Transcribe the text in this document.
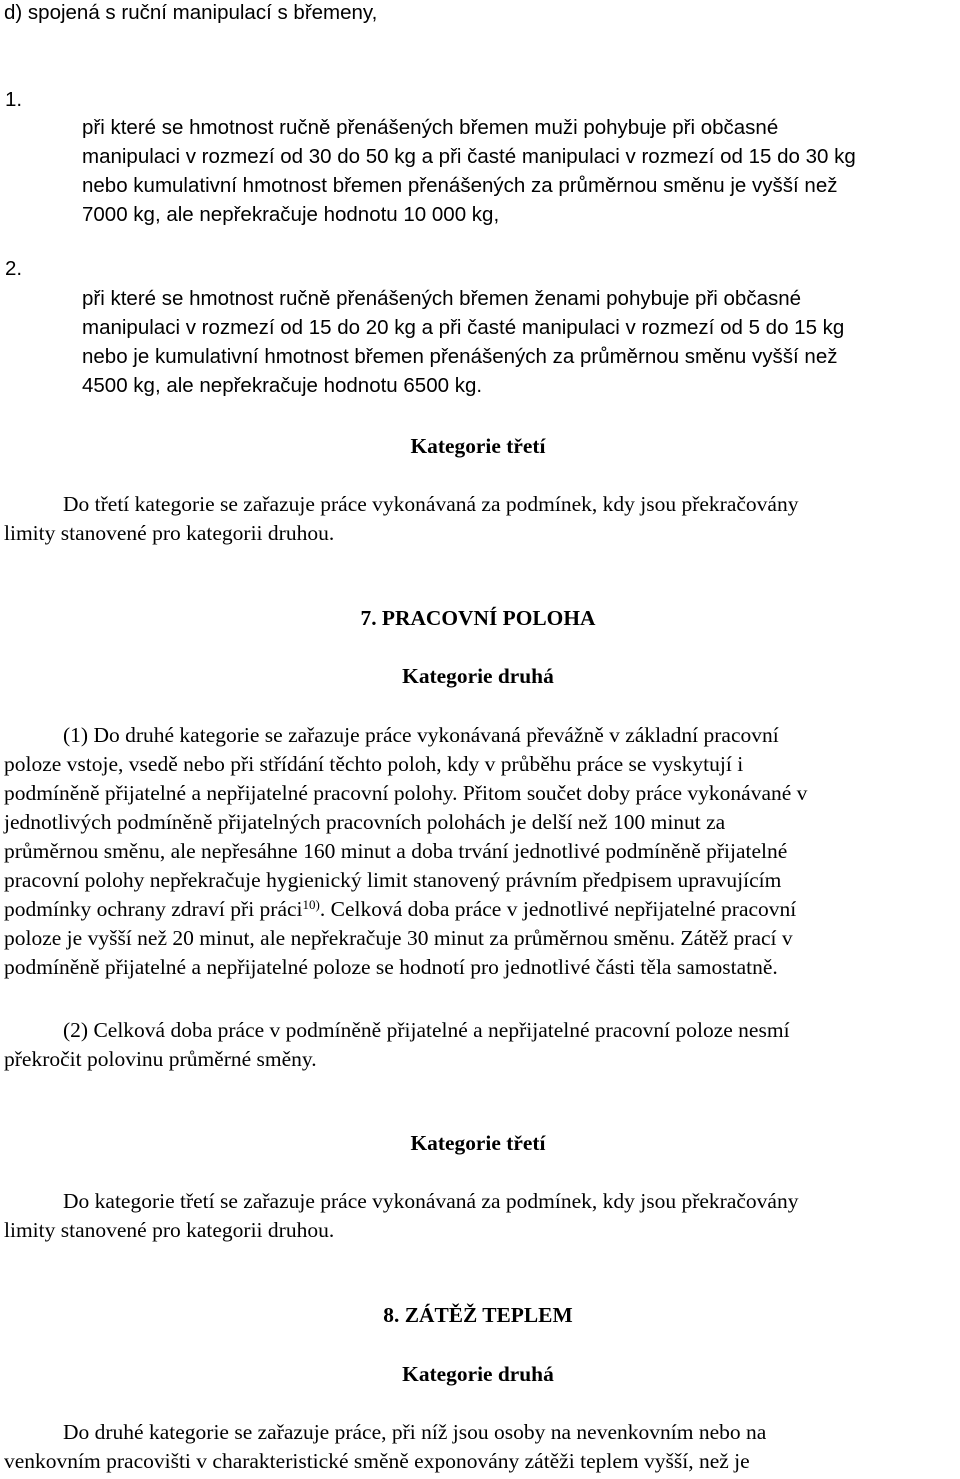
d) spojená s ruční manipulací s břemeny,

1.

při které se hmotnost ručně přenášených břemen muži pohybuje při občasné

manipulaci v rozmezí od 30 do 50 kg a při časté manipulaci v rozmezí od 15 do 30 kg

nebo kumulativní hmotnost břemen přenášených za průměrnou směnu je vyšší než

7000 kg, ale nepřekračuje hodnotu 10 000 kg,

2.

při které se hmotnost ručně přenášených břemen ženami pohybuje při občasné

manipulaci v rozmezí od 15 do 20 kg a při časté manipulaci v rozmezí od 5 do 15 kg

nebo je kumulativní hmotnost břemen přenášených za průměrnou směnu vyšší než

4500 kg, ale nepřekračuje hodnotu 6500 kg.

Kategorie třetí

Do třetí kategorie se zařazuje práce vykonávaná za podmínek, kdy jsou překračovány

limity stanovené pro kategorii druhou.

7. PRACOVNÍ POLOHA

Kategorie druhá

(1) Do druhé kategorie se zařazuje práce vykonávaná převážně v základní pracovní

poloze vstoje, vsedě nebo při střídání těchto poloh, kdy v průběhu práce se vyskytují i

podmíněně přijatelné a nepřijatelné pracovní polohy. Přitom součet doby práce vykonávané v

jednotlivých podmíněně přijatelných pracovních polohách je delší než 100 minut za

průměrnou směnu, ale nepřesáhne 160 minut a doba trvání jednotlivé podmíněně přijatelné

pracovní polohy nepřekračuje hygienický limit stanovený právním předpisem upravujícím

podmínky ochrany zdraví při práci$^{10)}$. Celková doba práce v jednotlivé nepřijatelné pracovní

poloze je vyšší než 20 minut, ale nepřekračuje 30 minut za průměrnou směnu. Zátěž prací v

podmíněně přijatelné a nepřijatelné poloze se hodnotí pro jednotlivé části těla samostatně.

(2) Celková doba práce v podmíněně přijatelné a nepřijatelné pracovní poloze nesmí

překročit polovinu průměrné směny.

Kategorie třetí

Do kategorie třetí se zařazuje práce vykonávaná za podmínek, kdy jsou překračovány

limity stanovené pro kategorii druhou.

8. ZÁTĚŽ TEPLEM

Kategorie druhá

Do druhé kategorie se zařazuje práce, při níž jsou osoby na nevenkovním nebo na

venkovním pracovišti v charakteristické směně exponovány zátěži teplem vyšší, než je
